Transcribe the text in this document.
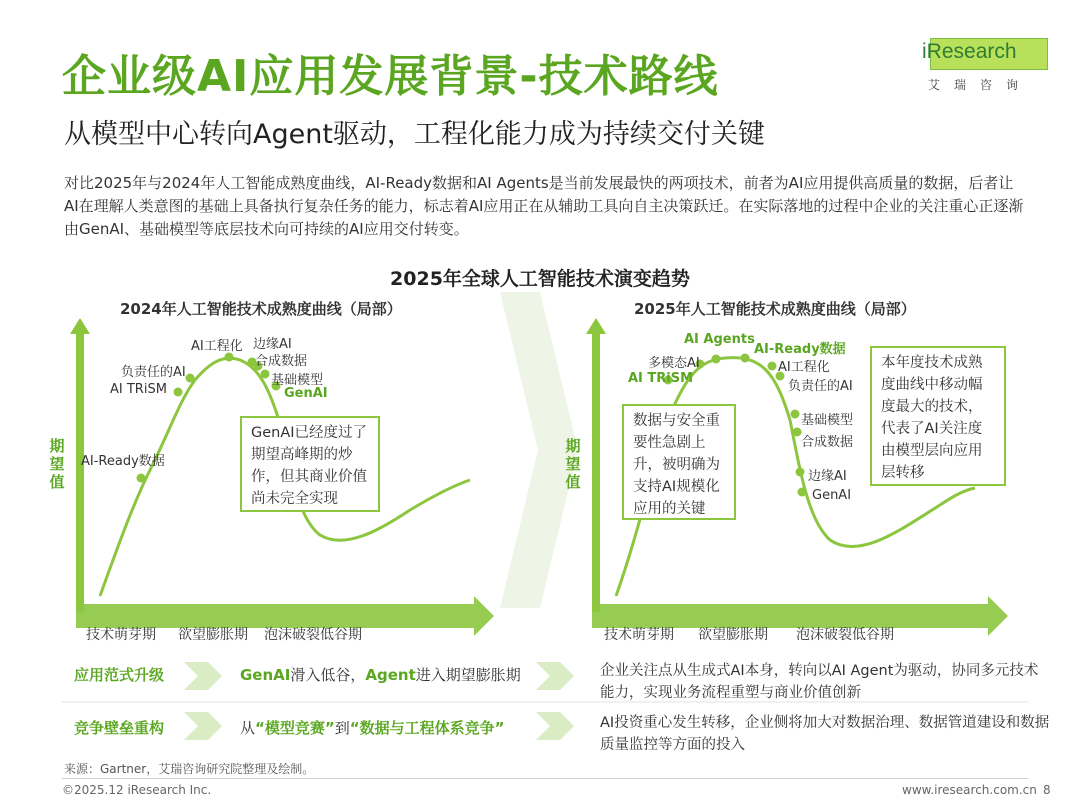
企业级AI应用发展背景-技术路线
从模型中心转向Agent驱动，工程化能力成为持续交付关键
iResearch
艾瑞咨询
对比2025年与2024年人工智能成熟度曲线，AI-Ready数据和AI Agents是当前发展最快的两项技术，前者为AI应用提供高质量的数据，后者让AI在理解人类意图的基础上具备执行复杂任务的能力，标志着AI应用正在从辅助工具向自主决策跃迁。在实际落地的过程中企业的关注重心正逐渐由GenAI、基础模型等底层技术向可持续的AI应用交付转变。
2025年全球人工智能技术演变趋势
2024年人工智能技术成熟度曲线（局部）	2025年人工智能技术成熟度曲线（局部）
期望值
AI-Ready数据
AI TRiSM
负责任的AI
AI工程化 边缘AI
合成数据
基础模型
GenAI
GenAI已经度过了期望高峰期的炒作，但其商业价值尚未完全实现
技术萌芽期 欲望膨胀期 泡沫破裂低谷期
期望值
AI Agents
AI-Ready数据
多模态AI
AI TRiSM
AI工程化
负责任的AI
基础模型
合成数据
边缘AI
GenAI
数据与安全重要性急剧上升，被明确为支持AI规模化应用的关键
本年度技术成熟度曲线中移动幅度最大的技术，代表了AI关注度由模型层向应用层转移
技术萌芽期 欲望膨胀期 泡沫破裂低谷期
应用范式升级	GenAI滑入低谷，Agent进入期望膨胀期	企业关注点从生成式AI本身，转向以AI Agent为驱动，协同多元技术能力，实现业务流程重塑与商业价值创新
竞争壁垒重构	从“模型竞赛”到“数据与工程体系竞争”	AI投资重心发生转移，企业侧将加大对数据治理、数据管道建设和数据质量监控等方面的投入
来源：Gartner，艾瑞咨询研究院整理及绘制。
©2025.12 iResearch Inc.	www.iresearch.com.cn 8
